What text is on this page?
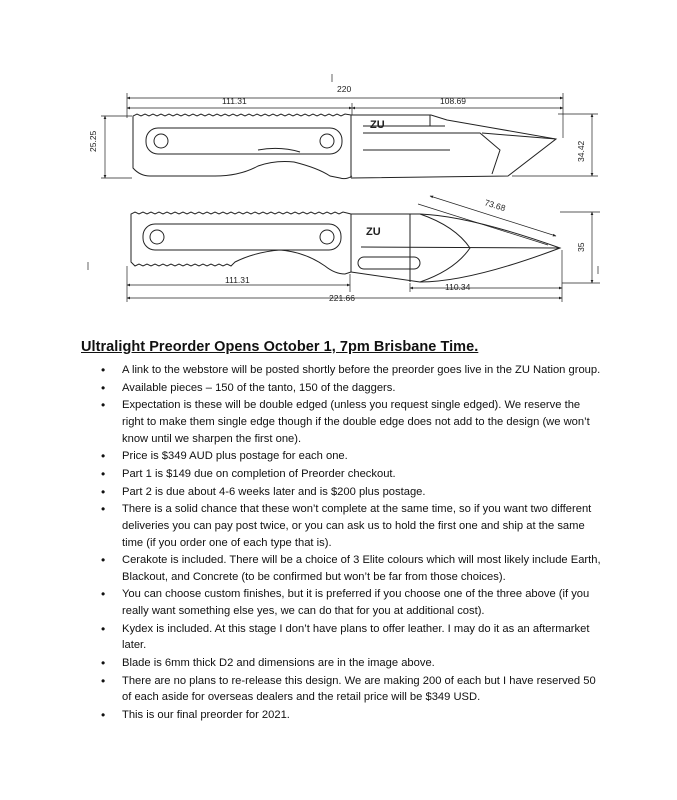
ZU
220
111.31	108.69
25.25	34.42
ZU
111.31
221.66
110.34
73.68
35
Ultralight Preorder Opens October 1, 7pm Brisbane Time.
• A link to the webstore will be posted shortly before the preorder goes live in the ZU Nation group.
• Available pieces – 150 of the tanto, 150 of the daggers.
• Expectation is these will be double edged (unless you request single edged). We reserve the right to make them single edge though if the double edge does not add to the design (we won’t know until we sharpen the first one).
• Price is $349 AUD plus postage for each one.
• Part 1 is $149 due on completion of Preorder checkout.
• Part 2 is due about 4-6 weeks later and is $200 plus postage.
• There is a solid chance that these won’t complete at the same time, so if you want two different deliveries you can pay post twice, or you can ask us to hold the first one and ship at the same time (if you order one of each type that is).
• Cerakote is included. There will be a choice of 3 Elite colours which will most likely include Earth, Blackout, and Concrete (to be confirmed but won’t be far from those choices).
• You can choose custom finishes, but it is preferred if you choose one of the three above (if you really want something else yes, we can do that for you at additional cost).
• Kydex is included. At this stage I don’t have plans to offer leather. I may do it as an aftermarket later.
• Blade is 6mm thick D2 and dimensions are in the image above.
• There are no plans to re-release this design. We are making 200 of each but I have reserved 50 of each aside for overseas dealers and the retail price will be $349 USD.
• This is our final preorder for 2021.
